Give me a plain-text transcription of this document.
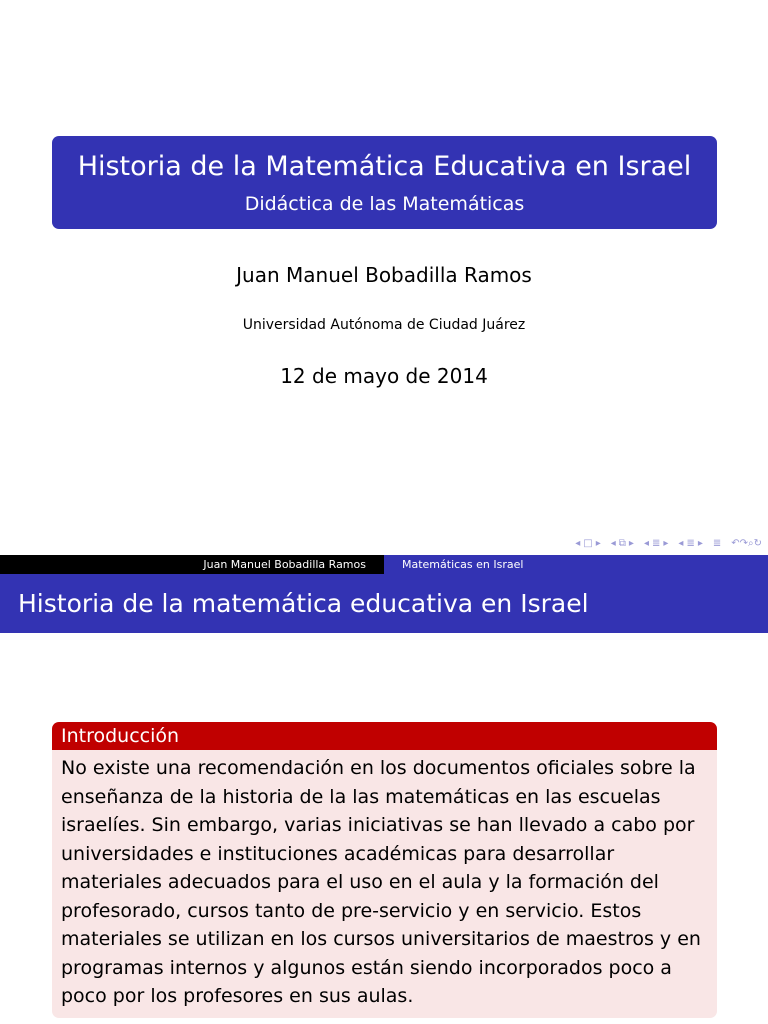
Historia de la Matemática Educativa en Israel
Didáctica de las Matemáticas
Juan Manuel Bobadilla Ramos
Universidad Autónoma de Ciudad Juárez
12 de mayo de 2014
◂ □ ▸ ◂ ⧉ ▸ ◂ ≣ ▸ ◂ ≣ ▸ ≣ ↶↷⌕↻
Juan Manuel Bobadilla Ramos	Matemáticas en Israel
Historia de la matemática educativa en Israel
Introducción
No existe una recomendación en los documentos oficiales sobre la enseñanza de la historia de la las matemáticas en las escuelas israelíes. Sin embargo, varias iniciativas se han llevado a cabo por universidades e instituciones académicas para desarrollar materiales adecuados para el uso en el aula y la formación del profesorado, cursos tanto de pre-servicio y en servicio. Estos materiales se utilizan en los cursos universitarios de maestros y en programas internos y algunos están siendo incorporados poco a poco por los profesores en sus aulas.
